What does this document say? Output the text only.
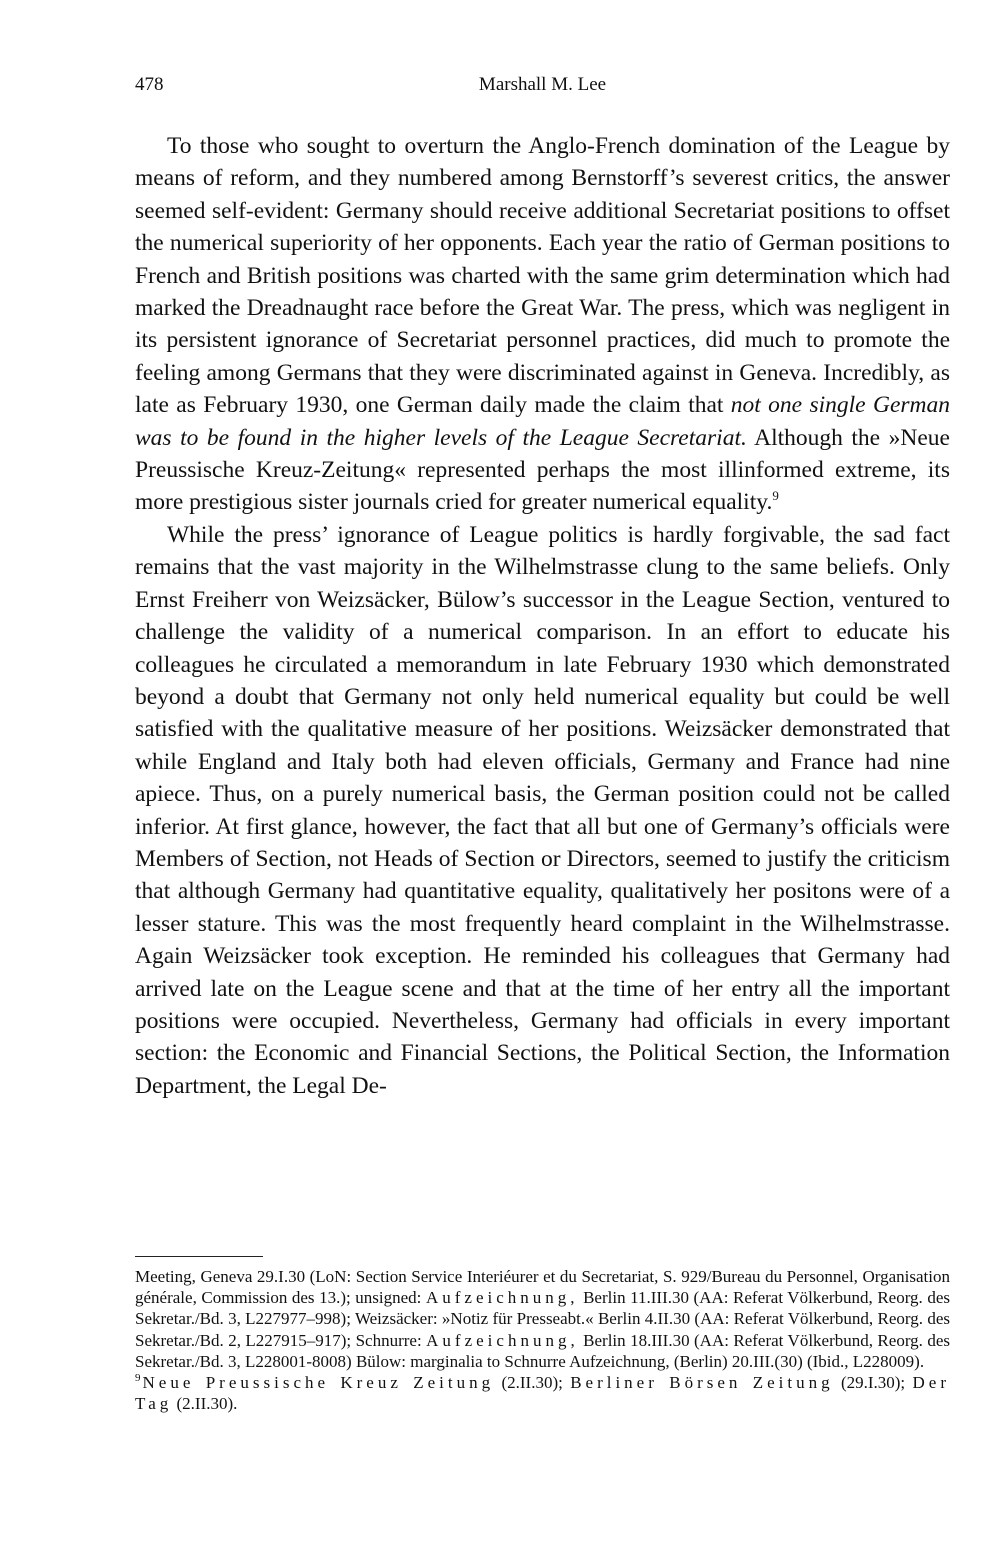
478	Marshall M. Lee

To those who sought to overturn the Anglo-French domination of the League by means of reform, and they numbered among Bernstorff’s severest critics, the answer seemed self-evident: Germany should receive additional Secretariat positions to offset the numerical superiority of her opponents. Each year the ratio of German positions to French and British positions was charted with the same grim determination which had marked the Dreadnaught race before the Great War. The press, which was negligent in its persistent ignorance of Secretariat personnel practices, did much to promote the feeling among Germans that they were discriminated against in Geneva. Incredibly, as late as February 1930, one German daily made the claim that not one single German was to be found in the higher levels of the League Secretariat. Although the »Neue Preussische Kreuz-Zeitung« represented perhaps the most illinformed extreme, its more prestigious sister journals cried for greater numerical equality.$^9$

While the press’ ignorance of League politics is hardly forgivable, the sad fact remains that the vast majority in the Wilhelmstrasse clung to the same beliefs. Only Ernst Freiherr von Weizsäcker, Bülow’s successor in the League Section, ventured to challenge the validity of a numerical comparison. In an effort to educate his colleagues he circulated a memorandum in late February 1930 which demonstrated beyond a doubt that Germany not only held numerical equality but could be well satisfied with the qualitative measure of her positions. Weizsäcker demonstrated that while England and Italy both had eleven officials, Germany and France had nine apiece. Thus, on a purely numerical basis, the German position could not be called inferior. At first glance, however, the fact that all but one of Germany’s officials were Members of Section, not Heads of Section or Directors, seemed to justify the criticism that although Germany had quantitative equality, qualitatively her positons were of a lesser stature. This was the most frequently heard complaint in the Wilhelmstrasse. Again Weizsäcker took exception. He reminded his colleagues that Germany had arrived late on the League scene and that at the time of her entry all the important positions were occupied. Nevertheless, Germany had officials in every important section: the Economic and Financial Sections, the Political Section, the Information Department, the Legal De-

Meeting, Geneva 29.I.30 (LoN: Section Service Interiéurer et du Secretariat, S. 929/Bureau du Personnel, Organisation générale, Commission des 13.); unsigned: Aufzeichnung, Berlin 11.III.30 (AA: Referat Völkerbund, Reorg. des Sekretar./Bd. 3, L227977–998); Weizsäcker: »Notiz für Presseabt.« Berlin 4.II.30 (AA: Referat Völkerbund, Reorg. des Sekretar./Bd. 2, L227915–917); Schnurre: Aufzeichnung, Berlin 18.III.30 (AA: Referat Völkerbund, Reorg. des Sekretar./Bd. 3, L228001-8008) Bülow: marginalia to Schnurre Aufzeichnung, (Berlin) 20.III.(30) (Ibid., L228009).

$^9$ Neue Preussische Kreuz Zeitung (2.II.30); Berliner Börsen Zeitung (29.I.30); Der Tag (2.II.30).
